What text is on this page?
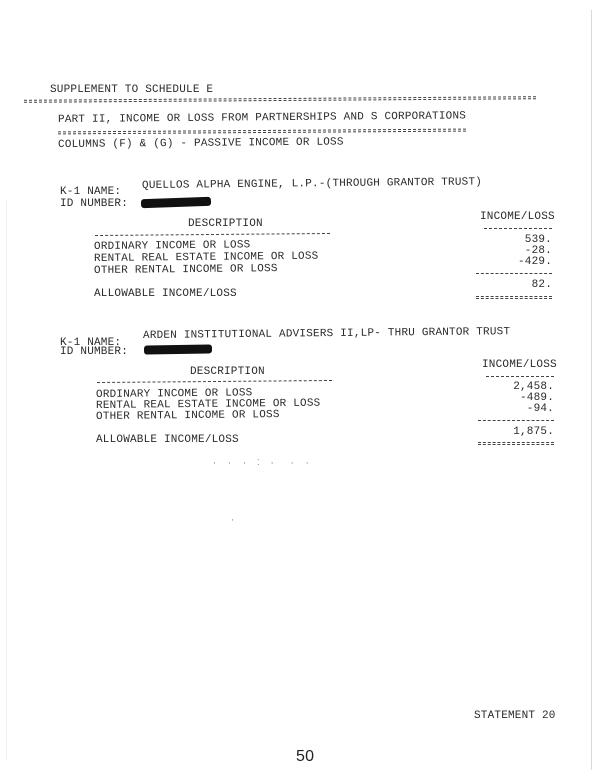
SUPPLEMENT TO SCHEDULE E
PART II, INCOME OR LOSS FROM PARTNERSHIPS AND S CORPORATIONS
COLUMNS (F) & (G) - PASSIVE INCOME OR LOSS
K-1 NAME:
QUELLOS ALPHA ENGINE, L.P.-(THROUGH GRANTOR TRUST)
ID NUMBER:
INCOME/LOSS
DESCRIPTION
ORDINARY INCOME OR LOSS
RENTAL REAL ESTATE INCOME OR LOSS
OTHER RENTAL INCOME OR LOSS
539.
-28.
-429.
82.
ALLOWABLE INCOME/LOSS
K-1 NAME:
ARDEN INSTITUTIONAL ADVISERS II,LP- THRU GRANTOR TRUST
ID NUMBER:
INCOME/LOSS
DESCRIPTION
ORDINARY INCOME OR LOSS
RENTAL REAL ESTATE INCOME OR LOSS
OTHER RENTAL INCOME OR LOSS
2,458.
-489.
-94.
1,875.
ALLOWABLE INCOME/LOSS
·  ·  ·  ⁚  ·   ·  ·
·
STATEMENT 20
50
